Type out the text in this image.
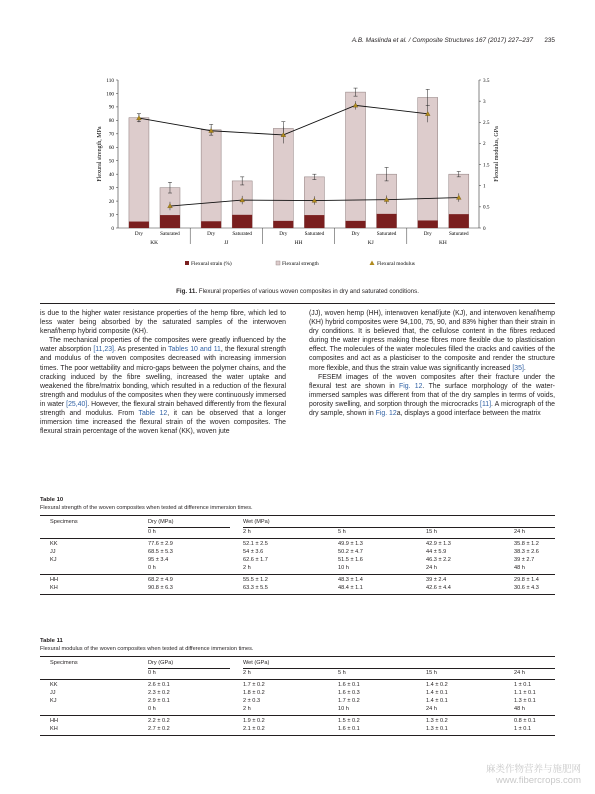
A.B. Maslinda et al. / Composite Structures 167 (2017) 227–237 235
0
10
20
30
40
50
60
70
80
90
100
110
0
0.5
1
1.5
2
2.5
3
3.5
Flexural strength, MPa	Flexural modulus, GPa
Dry	Saturated
KK
Dry	Saturated
JJ
Dry	Saturated
HH
Dry	Saturated
KJ
Dry	Saturated
KH
Flexural strain (%)	Flexural strength	Flexural modulus
Fig. 11. Flexural properties of various woven composites in dry and saturated conditions.

is due to the higher water resistance properties of the hemp fibre, which led to less water being absorbed by the saturated samples of the interwoven kenaf/hemp hybrid composite (KH).

The mechanical properties of the composites were greatly influenced by the water absorption [11,23]. As presented in Tables 10 and 11, the flexural strength and modulus of the woven composites decreased with increasing immersion times. The poor wettability and micro-gaps between the polymer chains, and the cracking induced by the fibre swelling, increased the water uptake and weakened the fibre/matrix bonding, which resulted in a reduction of the flexural strength and modulus of the composites when they were continuously immersed in water [25,40]. However, the flexural strain behaved differently from the flexural strength and modulus. From Table 12, it can be observed that a longer immersion time increased the flexural strain of the woven composites. The flexural strain percentage of the woven kenaf (KK), woven jute

(JJ), woven hemp (HH), interwoven kenaf/jute (KJ), and interwoven kenaf/hemp (KH) hybrid composites were 94,100, 75, 90, and 83% higher than their strain in dry conditions. It is believed that, the cellulose content in the fibres reduced during the water ingress making these fibres more flexible due to plasticisation effect. The molecules of the water molecules filled the cracks and cavities of the composites and act as a plasticiser to the composite and render the structure more flexible, and thus the strain value was significantly increased [35].

FESEM images of the woven composites after their fracture under the flexural test are shown in Fig. 12. The surface morphology of the water-immersed samples was different from that of the dry samples in terms of voids, porosity swelling, and sorption through the microcracks [11]. A micrograph of the dry sample, shown in Fig. 12a, displays a good interface between the matrix

Table 10
Flexural strength of the woven composites when tested at difference immersion times.
Specimens	Dry (MPa)	Wet (MPa)
0 h	2 h	5 h	15 h	24 h
KK	77.6 ± 2.9	52.1 ± 2.5	49.9 ± 1.3	42.9 ± 1.3	35.8 ± 1.2
JJ	68.5 ± 5.3	54 ± 3.6	50.2 ± 4.7	44 ± 5.9	38.3 ± 2.6
KJ	95 ± 3.4	62.6 ± 1.7	51.5 ± 1.6	46.3 ± 2.2	39 ± 2.7
0 h	2 h	10 h	24 h	48 h
HH	68.2 ± 4.9	55.5 ± 1.2	48.3 ± 1.4	39 ± 2.4	29.8 ± 1.4
KH	90.8 ± 6.3	63.3 ± 5.5	48.4 ± 1.1	42.6 ± 4.4	30.6 ± 4.3
Table 11
Flexural modulus of the woven composites when tested at difference immersion times.
Specimens	Dry (GPa)	Wet (GPa)
0 h	2 h	5 h	15 h	24 h
KK	2.6 ± 0.1	1.7 ± 0.2	1.6 ± 0.1	1.4 ± 0.2	1 ± 0.1
JJ	2.3 ± 0.2	1.8 ± 0.2	1.6 ± 0.3	1.4 ± 0.1	1.1 ± 0.1
KJ	2.9 ± 0.1	2 ± 0.3	1.7 ± 0.2	1.4 ± 0.1	1.3 ± 0.1
0 h	2 h	10 h	24 h	48 h
HH	2.2 ± 0.2	1.9 ± 0.2	1.5 ± 0.2	1.3 ± 0.2	0.8 ± 0.1
KH	2.7 ± 0.2	2.1 ± 0.2	1.6 ± 0.1	1.3 ± 0.1	1 ± 0.1
麻类作物营养与施肥网
www.fibercrops.com
